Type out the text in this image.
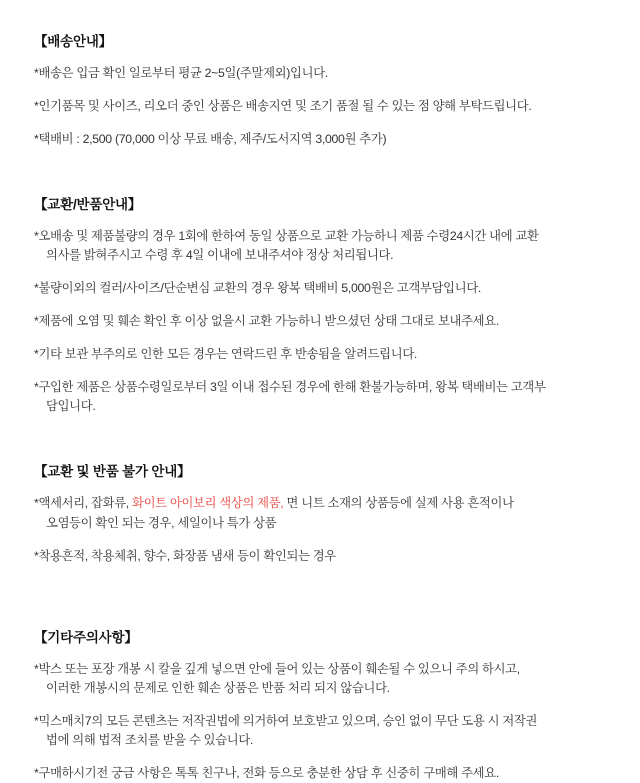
【배송안내】
*배송은 입금 확인 일로부터 평균 2~5일(주말제외)입니다.
*인기품목 및 사이즈, 리오더 중인 상품은 배송지연 및 조기 품절 될 수 있는 점 양해 부탁드립니다.
*택배비 : 2,500 (70,000 이상 무료 배송, 제주/도서지역 3,000원 추가)
【교환/반품안내】
*오배송 및 제품불량의 경우 1회에 한하여 동일 상품으로 교환 가능하니 제품 수령24시간 내에 교환
의사를 밝혀주시고 수령 후 4일 이내에 보내주셔야 정상 처리됩니다.
*불량이외의 컬러/사이즈/단순변심 교환의 경우 왕복 택배비 5,000원은 고객부담입니다.
*제품에 오염 및 훼손 확인 후 이상 없을시 교환 가능하니 받으셨던 상태 그대로 보내주세요.
*기타 보관 부주의로 인한 모든 경우는 연락드린 후 반송됨을 알려드립니다.
*구입한 제품은 상품수령일로부터 3일 이내 접수된 경우에 한해 환불가능하며, 왕복 택배비는 고객부
담입니다.
【교환 및 반품 불가 안내】
*액세서리, 잡화류, 화이트 아이보리 색상의 제품, 면 니트 소재의 상품등에 실제 사용 흔적이나
오염등이 확인 되는 경우, 세일이나 특가 상품
*착용흔적, 착용체취, 향수, 화장품 냄새 등이 확인되는 경우
【기타주의사항】
*박스 또는 포장 개봉 시 칼을 깊게 넣으면 안에 들어 있는 상품이 훼손될 수 있으니 주의 하시고,
이러한 개봉시의 문제로 인한 훼손 상품은 반품 처리 되지 않습니다.
*믹스매치7의 모든 콘텐츠는 저작권법에 의거하여 보호받고 있으며, 승인 없이 무단 도용 시 저작권
법에 의해 법적 조치를 받을 수 있습니다.
*구매하시기전 궁금 사항은 톡톡 친구나, 전화 등으로 충분한 상담 후 신중히 구매해 주세요.
